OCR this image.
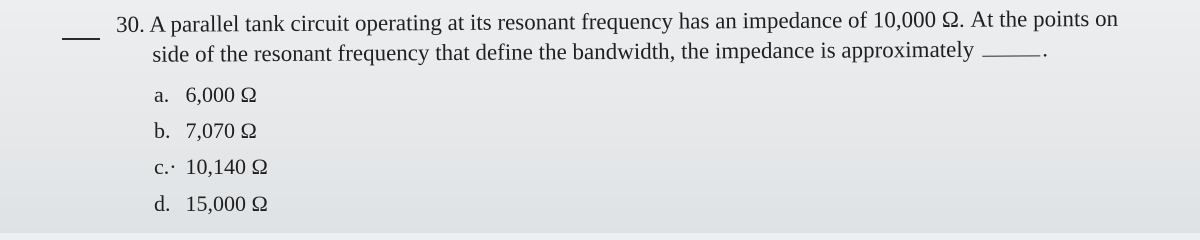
30. A parallel tank circuit operating at its resonant frequency has an impedance of 10,000 Ω. At the points on
side of the resonant frequency that define the bandwidth, the impedance is approximately	.
a. 6,000 Ω
b. 7,070 Ω
c.· 10,140 Ω
d. 15,000 Ω
